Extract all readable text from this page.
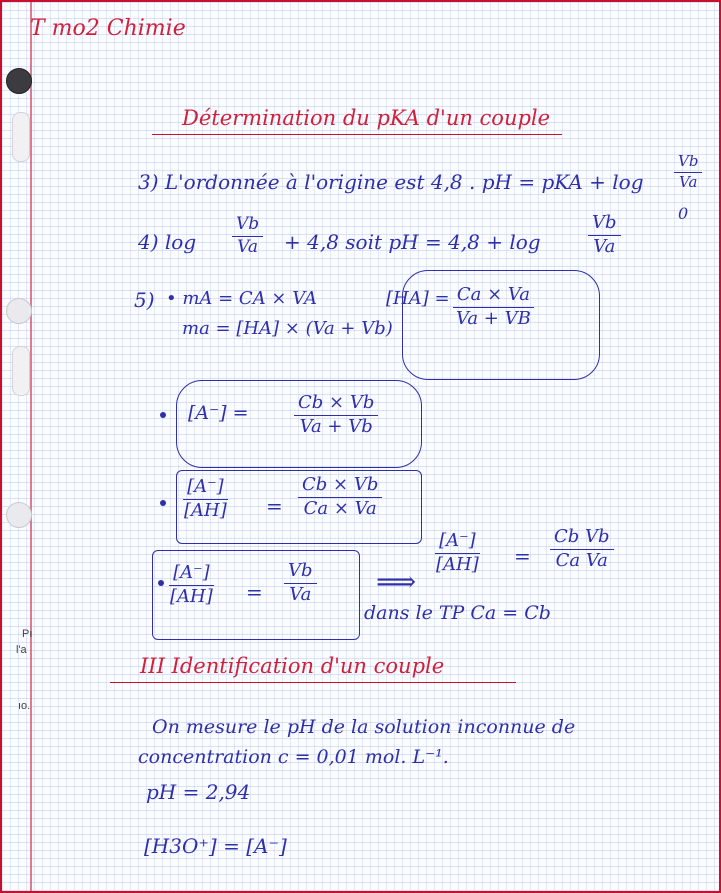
Pı
l'a
ıo.

T mo2 Chimie

Détermination du pKA d'un couple

3) L'ordonnée à l'origine est 4,8 . pH = pKA + $\log \frac{Vb}{Va}$

0

4) $\log \frac{Vb}{Va} + 4,8$ soit pH = 4,8 + log	$\frac{Vb}{Va}$

5) • mA = CA × VA

ma = [HA] × (Va + Vb)

$[HA] = \frac{Ca \times Va}{Va + VB}$

[A⁻] =	$\frac{Cb \times Vb}{Va + Vb}$
$\frac{[A^-]}{[AH]} = \frac{Cb \times Vb}{Ca \times Va}$
$\frac{[A^-]}{[AH]} = \frac{Vb}{Va}$ ⟹

$\frac{[A^-]}{[AH]} = \frac{\text{Cb Vb}}{\text{Ca Va}}$

dans le TP Ca = Cb

III Identification d'un couple

On mesure le pH de la solution inconnue de

concentration c = 0,01 mol. L⁻¹.

pH = 2,94

[H3O⁺] = [A⁻]
